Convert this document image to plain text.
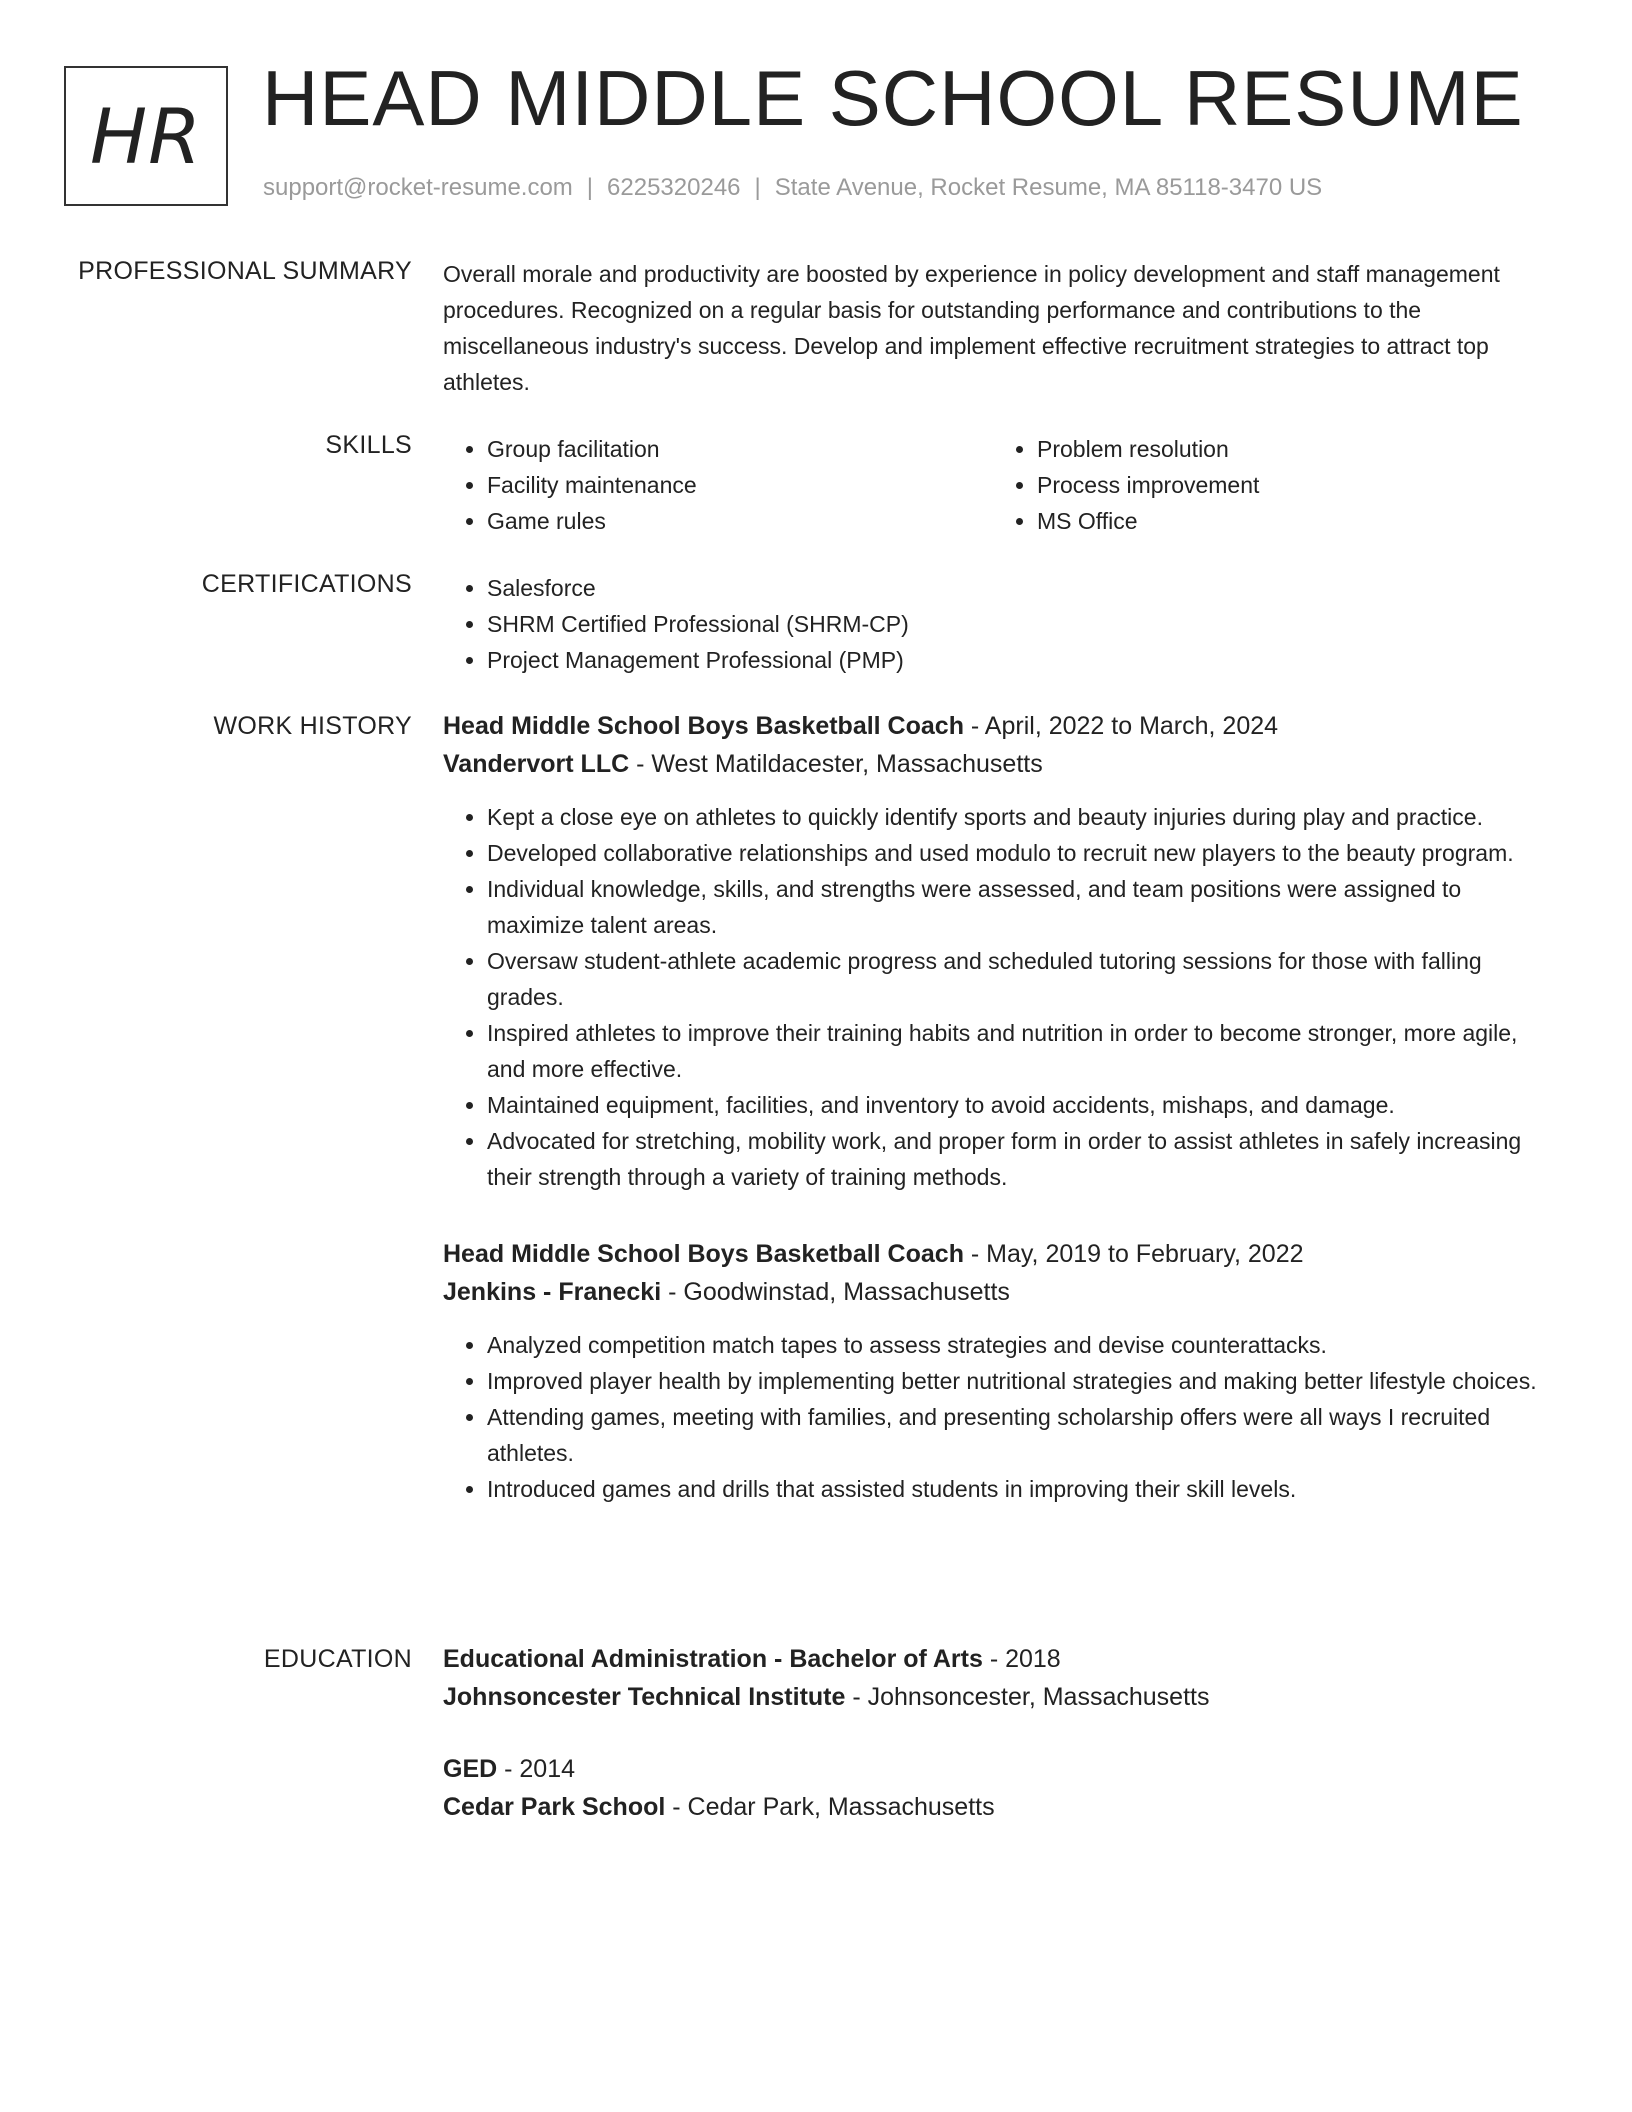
HR HEAD MIDDLE SCHOOL RESUME
support@rocket-resume.com | 6225320246 | State Avenue, Rocket Resume, MA 85118-3470 US
PROFESSIONAL SUMMARY Overall morale and productivity are boosted by experience in policy development and staff management procedures. Recognized on a regular basis for outstanding performance and contributions to the miscellaneous industry's success. Develop and implement effective recruitment strategies to attract top athletes.

SKILLS	• Group facilitation
• Facility maintenance
• Game rules
• Problem resolution
• Process improvement
• MS Office
CERTIFICATIONS	• Salesforce
• SHRM Certified Professional (SHRM-CP)
• Project Management Professional (PMP)
WORK HISTORY Head Middle School Boys Basketball Coach - April, 2022 to March, 2024
Vandervort LLC - West Matildacester, Massachusetts
• Kept a close eye on athletes to quickly identify sports and beauty injuries during play and practice.
• Developed collaborative relationships and used modulo to recruit new players to the beauty program.
• Individual knowledge, skills, and strengths were assessed, and team positions were assigned to maximize talent areas.
• Oversaw student-athlete academic progress and scheduled tutoring sessions for those with falling grades.
• Inspired athletes to improve their training habits and nutrition in order to become stronger, more agile, and more effective.
• Maintained equipment, facilities, and inventory to avoid accidents, mishaps, and damage.
• Advocated for stretching, mobility work, and proper form in order to assist athletes in safely increasing their strength through a variety of training methods.
Head Middle School Boys Basketball Coach - May, 2019 to February, 2022
Jenkins - Franecki - Goodwinstad, Massachusetts
• Analyzed competition match tapes to assess strategies and devise counterattacks.
• Improved player health by implementing better nutritional strategies and making better lifestyle choices.
• Attending games, meeting with families, and presenting scholarship offers were all ways I recruited athletes.
• Introduced games and drills that assisted students in improving their skill levels.
EDUCATION Educational Administration - Bachelor of Arts - 2018
Johnsoncester Technical Institute - Johnsoncester, Massachusetts
GED - 2014
Cedar Park School - Cedar Park, Massachusetts
